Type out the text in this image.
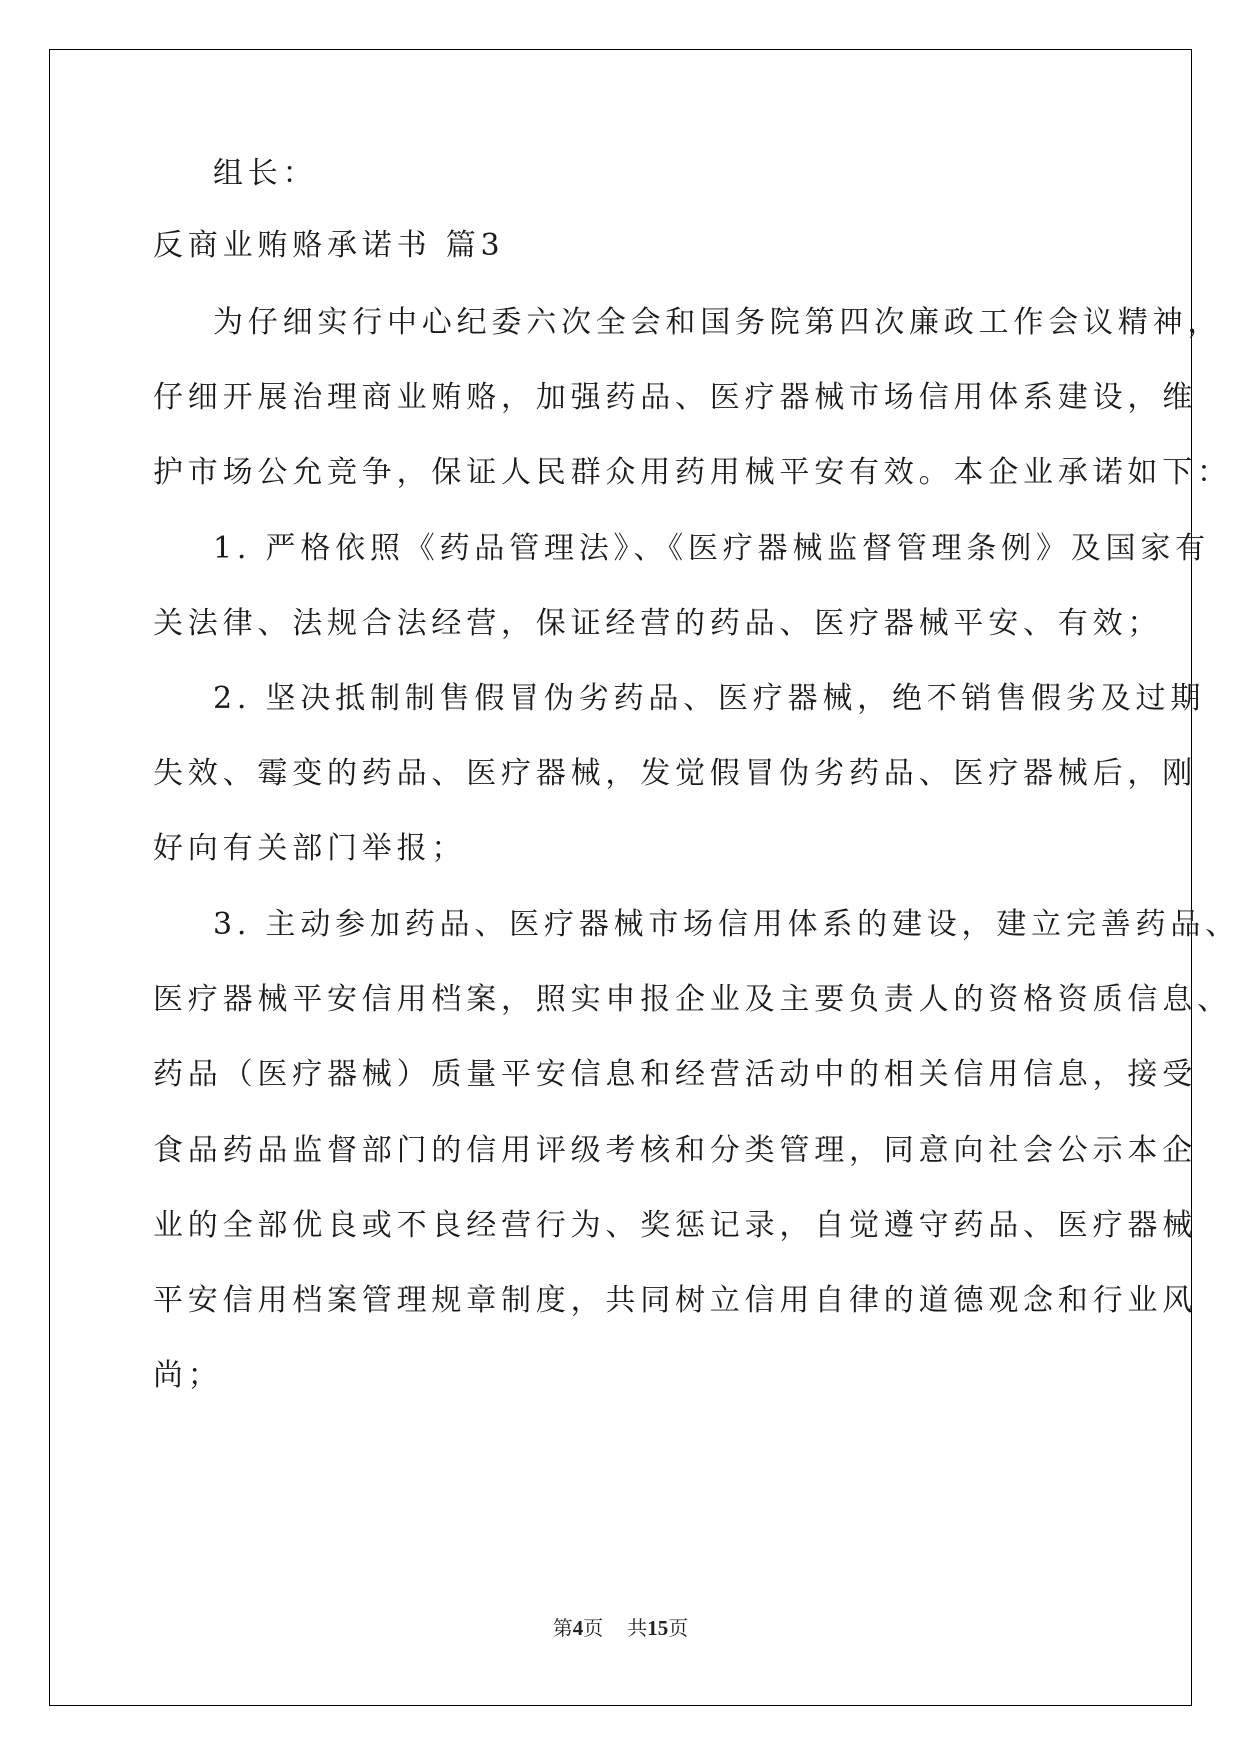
组长：

反商业贿赂承诺书 篇3

为仔细实行中心纪委六次全会和国务院第四次廉政工作会议精神，

仔细开展治理商业贿赂，加强药品、医疗器械市场信用体系建设，维

护市场公允竞争，保证人民群众用药用械平安有效。本企业承诺如下：

1. 严格依照《药品管理法》、《医疗器械监督管理条例》及国家有

关法律、法规合法经营，保证经营的药品、医疗器械平安、有效；

2. 坚决抵制制售假冒伪劣药品、医疗器械，绝不销售假劣及过期

失效、霉变的药品、医疗器械，发觉假冒伪劣药品、医疗器械后，刚

好向有关部门举报；

3. 主动参加药品、医疗器械市场信用体系的建设，建立完善药品、

医疗器械平安信用档案，照实申报企业及主要负责人的资格资质信息、

药品（医疗器械）质量平安信息和经营活动中的相关信用信息，接受

食品药品监督部门的信用评级考核和分类管理，同意向社会公示本企

业的全部优良或不良经营行为、奖惩记录，自觉遵守药品、医疗器械

平安信用档案管理规章制度，共同树立信用自律的道德观念和行业风

尚；

第4页 共15页
